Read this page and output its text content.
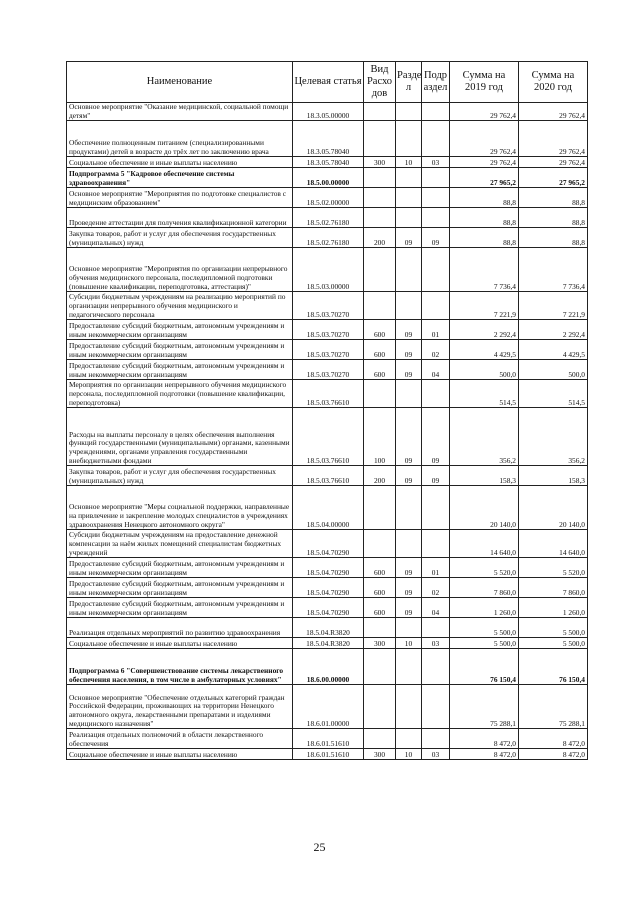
Наименование	Целевая статья	Вид Расхо дов	Разде л	Подр аздел	Сумма на 2019 год	Сумма на 2020 год
Основное мероприятие "Оказание медицинской, социальной помощи детям"	18.3.05.00000				29 762,4	29 762,4
Обеспечение полноценным питанием (специализированными продуктами) детей в возрасте до трёх лет по заключению врача	18.3.05.78040				29 762,4	29 762,4
Социальное обеспечение и иные выплаты населению	18.3.05.78040	300	10	03	29 762,4	29 762,4
Подпрограмма 5 "Кадровое обеспечение системы здравоохранения"	18.5.00.00000				27 965,2	27 965,2
Основное мероприятие "Мероприятия по подготовке специалистов с медицинским образованием"	18.5.02.00000				88,8	88,8
Проведение аттестации для получения квалификационной категории	18.5.02.76180				88,8	88,8
Закупка товаров, работ и услуг для обеспечения государственных (муниципальных) нужд	18.5.02.76180	200	09	09	88,8	88,8
Основное мероприятие "Мероприятия по организации непрерывного обучения медицинского персонала, последипломной подготовки (повышение квалификации, переподготовка, аттестация)"	18.5.03.00000				7 736,4	7 736,4
Субсидии бюджетным учреждениям на реализацию мероприятий по организации непрерывного обучения медицинского и педагогического персонала	18.5.03.70270				7 221,9	7 221,9
Предоставление субсидий бюджетным, автономным учреждениям и иным некоммерческим организациям	18.5.03.70270	600	09	01	2 292,4	2 292,4
Предоставление субсидий бюджетным, автономным учреждениям и иным некоммерческим организациям	18.5.03.70270	600	09	02	4 429,5	4 429,5
Предоставление субсидий бюджетным, автономным учреждениям и иным некоммерческим организациям	18.5.03.70270	600	09	04	500,0	500,0
Мероприятия по организации непрерывного обучения медицинского персонала, последипломной подготовки (повышение квалификации, переподготовка)	18.5.03.76610				514,5	514,5
Расходы на выплаты персоналу в целях обеспечения выполнения функций государственными (муниципальными) органами, казенными учреждениями, органами управления государственными внебюджетными фондами	18.5.03.76610	100	09	09	356,2	356,2
Закупка товаров, работ и услуг для обеспечения государственных (муниципальных) нужд	18.5.03.76610	200	09	09	158,3	158,3
Основное мероприятие "Меры социальной поддержки, направленные на привлечение и закрепление молодых специалистов в учреждениях здравоохранения Ненецкого автономного округа"	18.5.04.00000				20 140,0	20 140,0
Субсидии бюджетным учреждениям на предоставление денежной компенсации за наём жилых помещений специалистам бюджетных учреждений	18.5.04.70290				14 640,0	14 640,0
Предоставление субсидий бюджетным, автономным учреждениям и иным некоммерческим организациям	18.5.04.70290	600	09	01	5 520,0	5 520,0
Предоставление субсидий бюджетным, автономным учреждениям и иным некоммерческим организациям	18.5.04.70290	600	09	02	7 860,0	7 860,0
Предоставление субсидий бюджетным, автономным учреждениям и иным некоммерческим организациям	18.5.04.70290	600	09	04	1 260,0	1 260,0
Реализация отдельных мероприятий по развитию здравоохранения	18.5.04.R3820				5 500,0	5 500,0
Социальное обеспечение и иные выплаты населению	18.5.04.R3820	300	10	03	5 500,0	5 500,0
Подпрограмма 6 "Совершенствование системы лекарственного обеспечения населения, в том числе в амбулаторных условиях"	18.6.00.00000				76 150,4	76 150,4
Основное мероприятие "Обеспечение отдельных категорий граждан Российской Федерации, проживающих на территории Ненецкого автономного округа, лекарственными препаратами и изделиями медицинского назначения"	18.6.01.00000				75 288,1	75 288,1
Реализация отдельных полномочий в области лекарственного обеспечения	18.6.01.51610				8 472,0	8 472,0
Социальное обеспечение и иные выплаты населению	18.6.01.51610	300	10	03	8 472,0	8 472,0
25
